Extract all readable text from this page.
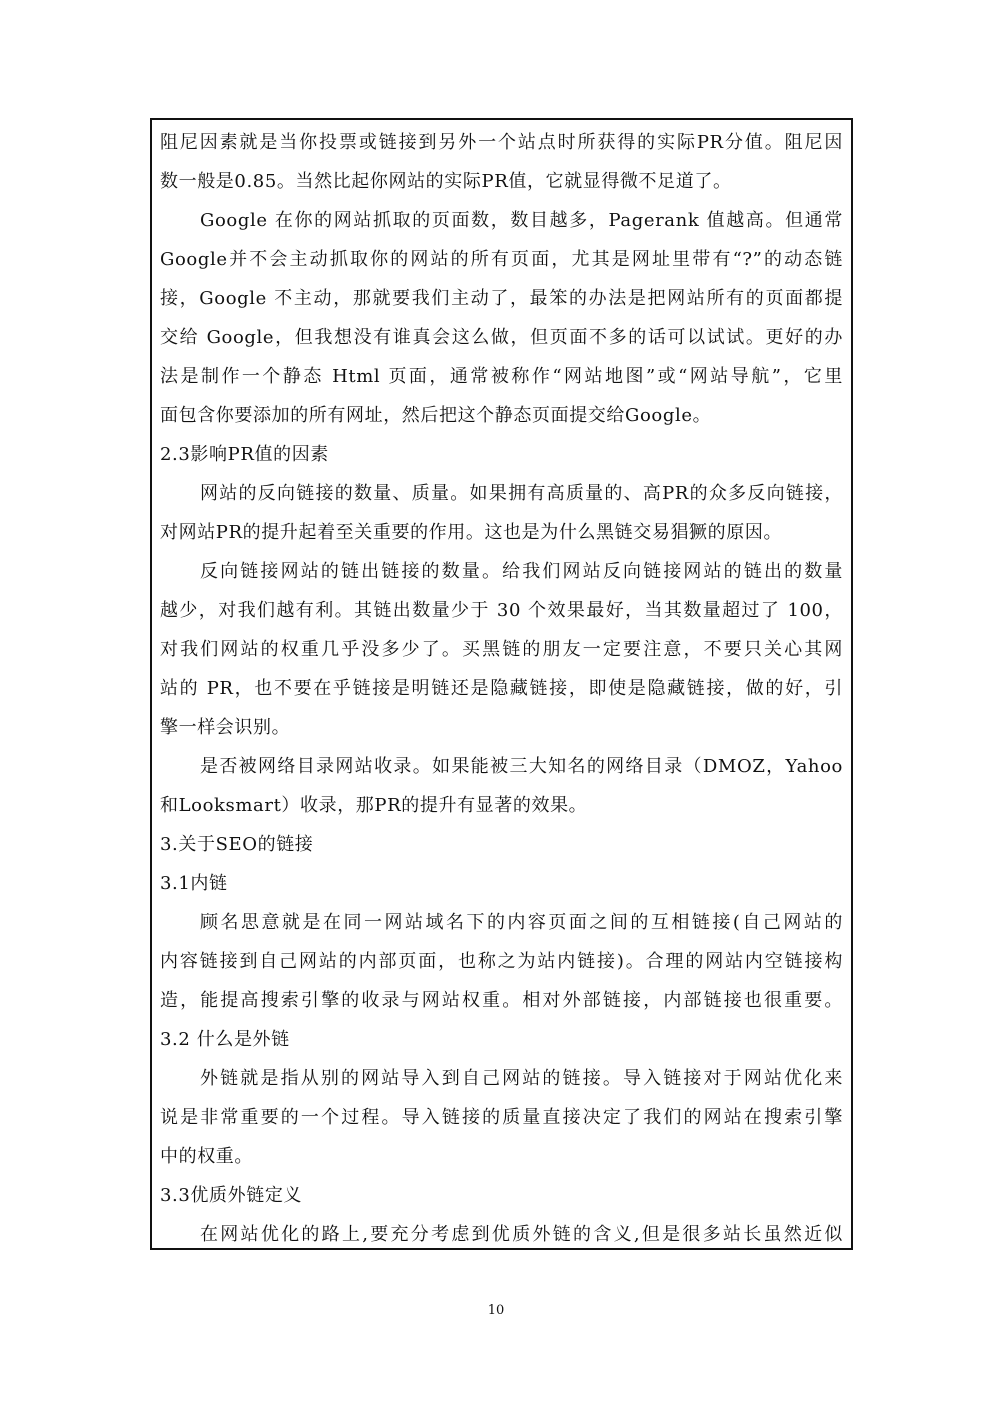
阻尼因素就是当你投票或链接到另外一个站点时所获得的实际PR分值。阻尼因
数一般是0.85。当然比起你网站的实际PR值，它就显得微不足道了。
Google 在你的网站抓取的页面数，数目越多，Pagerank 值越高。但通常
Google并不会主动抓取你的网站的所有页面，尤其是网址里带有“?”的动态链
接，Google 不主动，那就要我们主动了，最笨的办法是把网站所有的页面都提
交给 Google，但我想没有谁真会这么做，但页面不多的话可以试试。更好的办
法是制作一个静态 Html 页面，通常被称作“网站地图”或“网站导航”，它里
面包含你要添加的所有网址，然后把这个静态页面提交给Google。
2.3影响PR值的因素
网站的反向链接的数量、质量。如果拥有高质量的、高PR的众多反向链接，
对网站PR的提升起着至关重要的作用。这也是为什么黑链交易猖獗的原因。
反向链接网站的链出链接的数量。给我们网站反向链接网站的链出的数量
越少，对我们越有利。其链出数量少于 30 个效果最好，当其数量超过了 100，
对我们网站的权重几乎没多少了。买黑链的朋友一定要注意，不要只关心其网
站的 PR，也不要在乎链接是明链还是隐藏链接，即使是隐藏链接，做的好，引
擎一样会识别。
是否被网络目录网站收录。如果能被三大知名的网络目录（DMOZ，Yahoo
和Looksmart）收录，那PR的提升有显著的效果。
3.关于SEO的链接
3.1内链
顾名思意就是在同一网站域名下的内容页面之间的互相链接(自己网站的
内容链接到自己网站的内部页面，也称之为站内链接)。合理的网站内空链接构
造，能提高搜索引擎的收录与网站权重。相对外部链接，内部链接也很重要。
3.2 什么是外链
外链就是指从别的网站导入到自己网站的链接。导入链接对于网站优化来
说是非常重要的一个过程。导入链接的质量直接决定了我们的网站在搜索引擎
中的权重。
3.3优质外链定义
在网站优化的路上,要充分考虑到优质外链的含义,但是很多站长虽然近似
10
